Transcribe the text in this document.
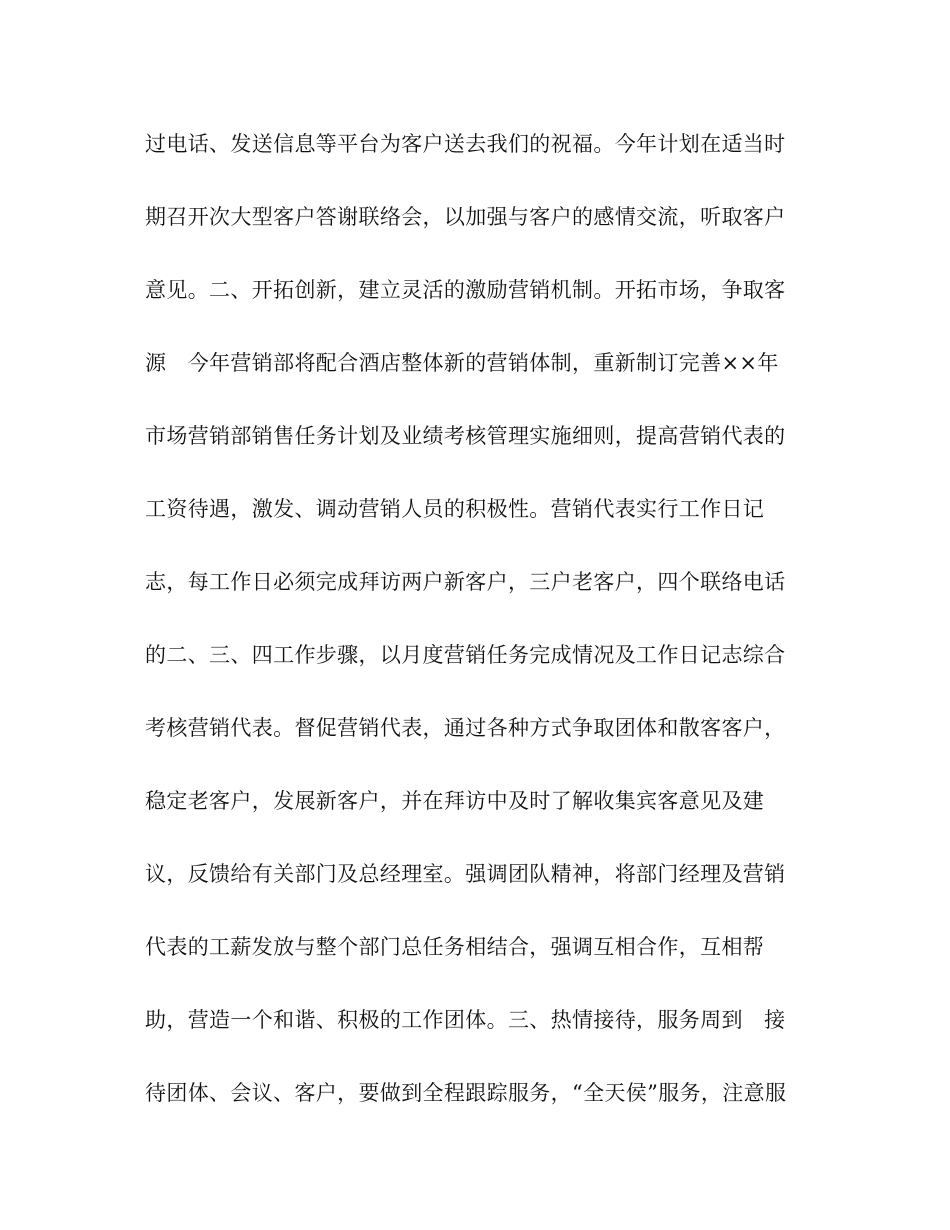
过电话、发送信息等平台为客户送去我们的祝福。今年计划在适当时
期召开次大型客户答谢联络会，以加强与客户的感情交流，听取客户
意见。二、开拓创新，建立灵活的激励营销机制。开拓市场，争取客
源　今年营销部将配合酒店整体新的营销体制，重新制订完善××年
市场营销部销售任务计划及业绩考核管理实施细则，提高营销代表的
工资待遇，激发、调动营销人员的积极性。营销代表实行工作日记
志，每工作日必须完成拜访两户新客户，三户老客户，四个联络电话
的二、三、四工作步骤，以月度营销任务完成情况及工作日记志综合
考核营销代表。督促营销代表，通过各种方式争取团体和散客客户，
稳定老客户，发展新客户，并在拜访中及时了解收集宾客意见及建
议，反馈给有关部门及总经理室。强调团队精神，将部门经理及营销
代表的工薪发放与整个部门总任务相结合，强调互相合作，互相帮
助，营造一个和谐、积极的工作团体。三、热情接待，服务周到　接
待团体、会议、客户，要做到全程跟踪服务，“全天侯”服务，注意服
